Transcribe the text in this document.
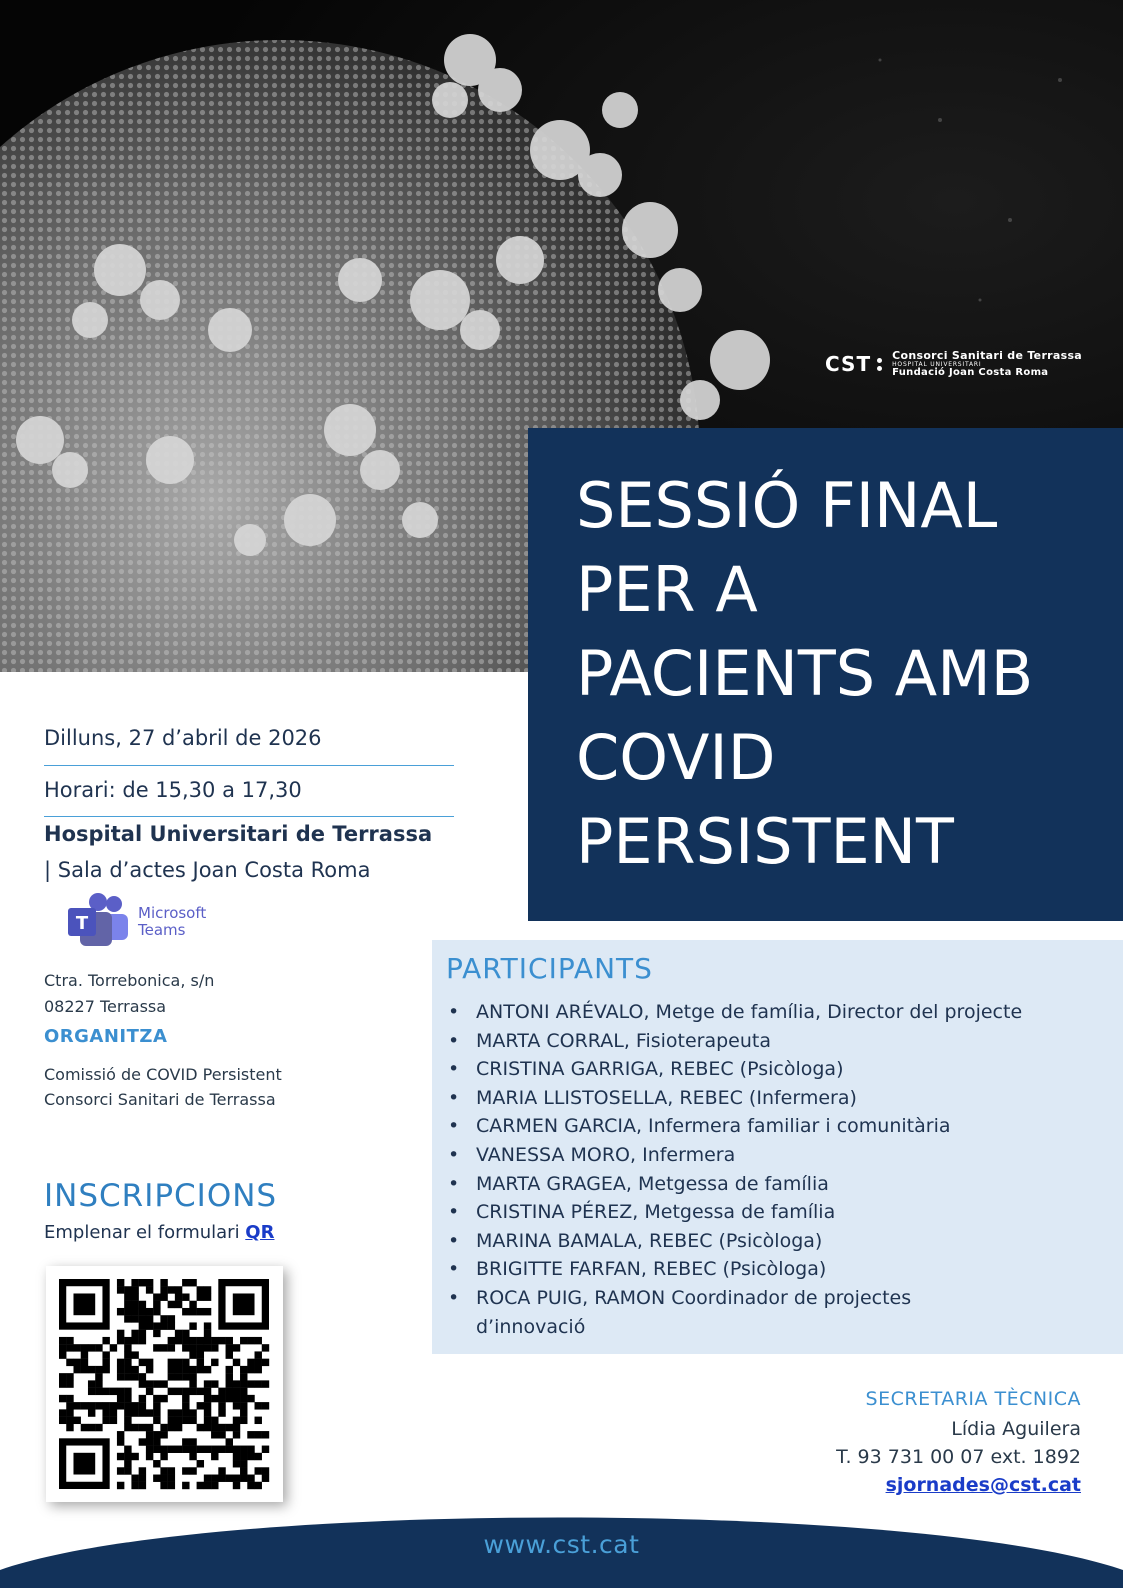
CST Consorci Sanitari de Terrassa
HOSPITAL UNIVERSITARI
Fundació Joan Costa Roma
SESSIÓ FINAL
PER A
PACIENTS AMB
COVID
PERSISTENT
Dilluns, 27 d’abril de 2026
Horari: de 15,30 a 17,30
Hospital Universitari de Terrassa
| Sala d’actes Joan Costa Roma
T	Microsoft
Teams
Ctra. Torrebonica, s/n
08227 Terrassa
ORGANITZA
Comissió de COVID Persistent
Consorci Sanitari de Terrassa
INSCRIPCIONS
Emplenar el formulari QR
PARTICIPANTS
• ANTONI ARÉVALO, Metge de família, Director del projecte
• MARTA CORRAL, Fisioterapeuta
• CRISTINA GARRIGA, REBEC (Psicòloga)
• MARIA LLISTOSELLA, REBEC (Infermera)
• CARMEN GARCIA, Infermera familiar i comunitària
• VANESSA MORO, Infermera
• MARTA GRAGEA, Metgessa de família
• CRISTINA PÉREZ, Metgessa de família
• MARINA BAMALA, REBEC (Psicòloga)
• BRIGITTE FARFAN, REBEC (Psicòloga)
• ROCA PUIG, RAMON Coordinador de projectes d’innovació
SECRETARIA TÈCNICA
Lídia Aguilera
T. 93 731 00 07 ext. 1892
sjornades@cst.cat
www.cst.cat
